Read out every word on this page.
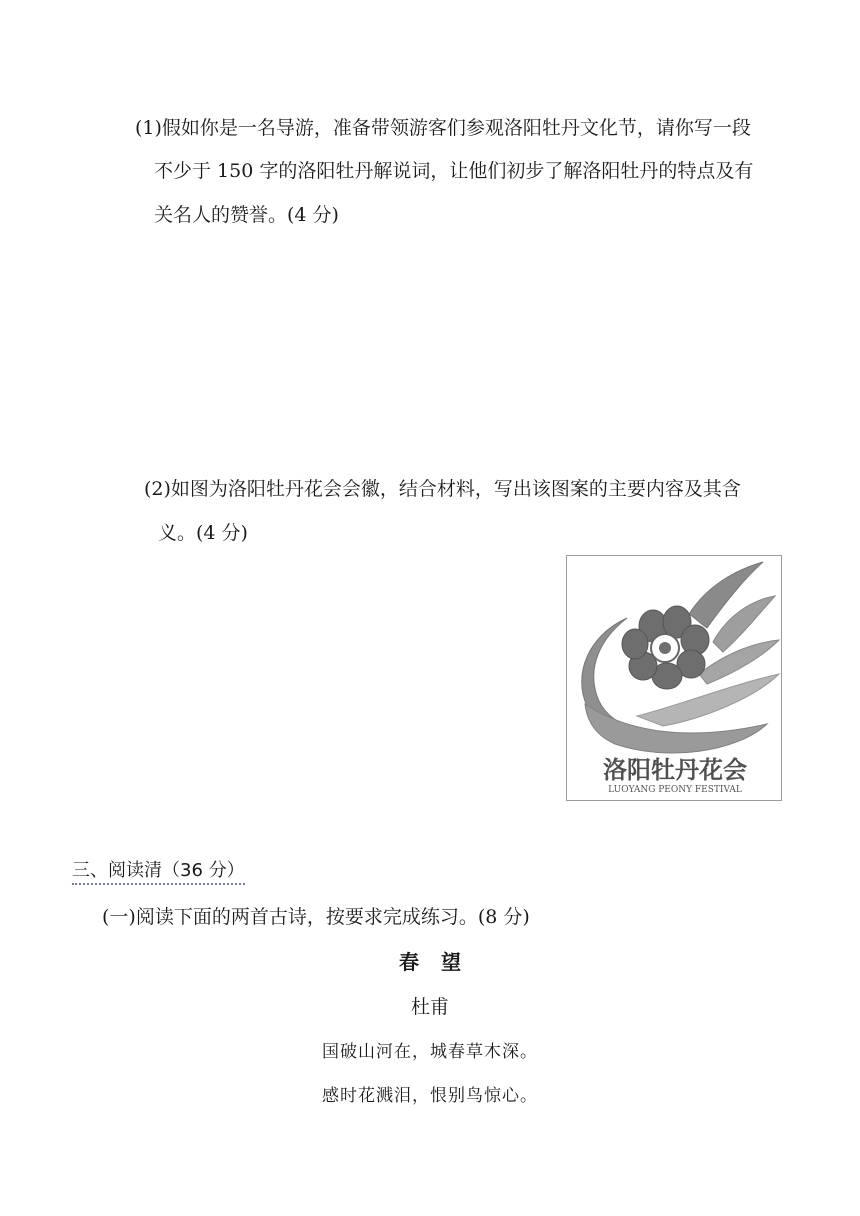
(1)假如你是一名导游，准备带领游客们参观洛阳牡丹文化节，请你写一段
不少于 150 字的洛阳牡丹解说词，让他们初步了解洛阳牡丹的特点及有
关名人的赞誉。(4 分)
(2)如图为洛阳牡丹花会会徽，结合材料，写出该图案的主要内容及其含
义。(4 分)
洛阳牡丹花会
LUOYANG PEONY FESTIVAL
三、阅读清（36 分）
(一)阅读下面的两首古诗，按要求完成练习。(8 分)
春望
杜甫
国破山河在，城春草木深。
感时花溅泪，恨别鸟惊心。
